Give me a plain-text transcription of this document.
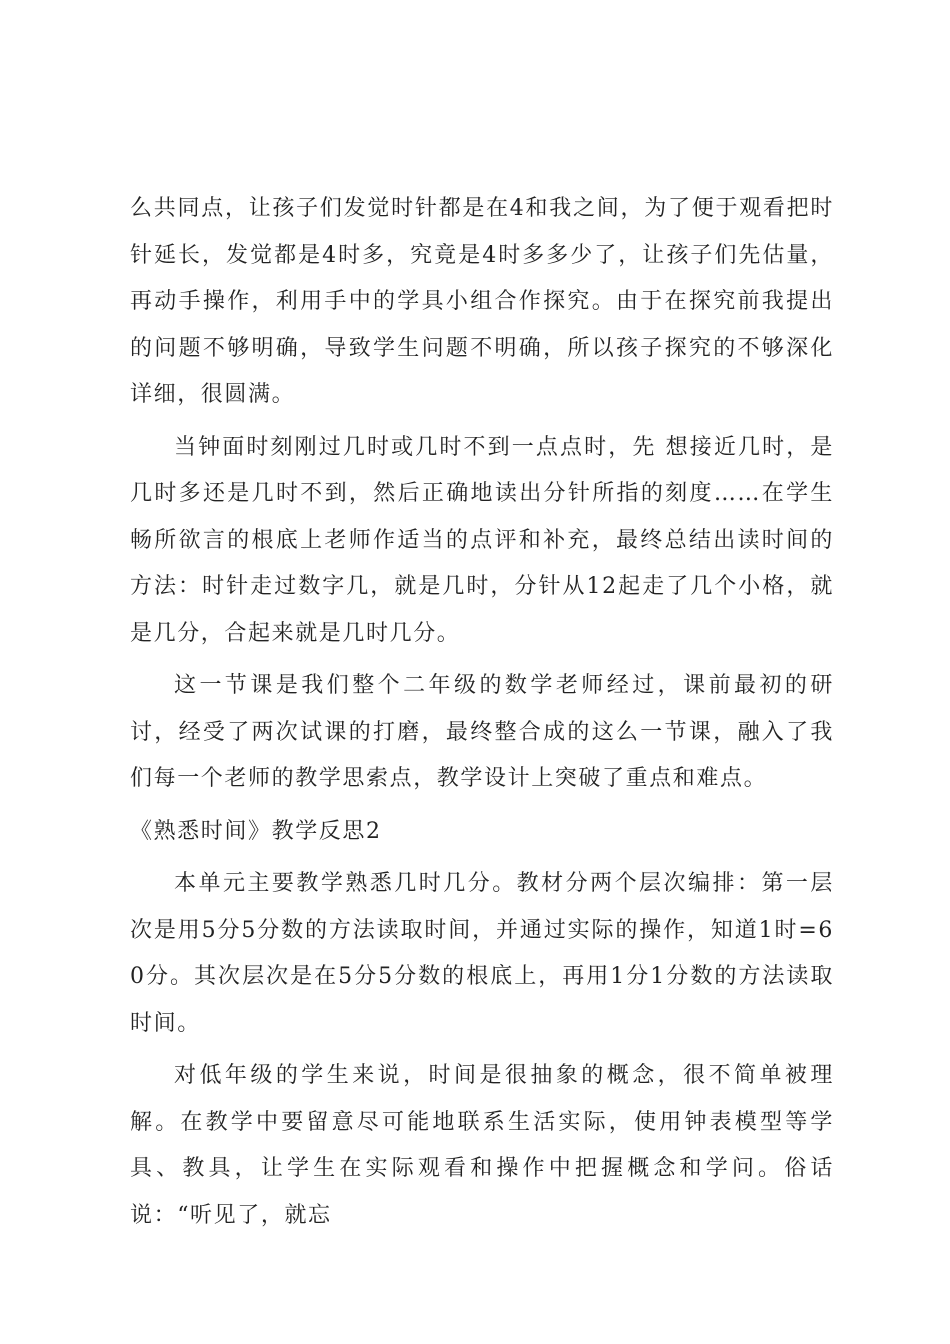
么共同点，让孩子们发觉时针都是在4和我之间，为了便于观看把时针延长，发觉都是4时多，究竟是4时多多少了，让孩子们先估量，再动手操作，利用手中的学具小组合作探究。由于在探究前我提出的问题不够明确，导致学生问题不明确，所以孩子探究的不够深化详细，很圆满。

当钟面时刻刚过几时或几时不到一点点时，先 想接近几时，是几时多还是几时不到，然后正确地读出分针所指的刻度……在学生畅所欲言的根底上老师作适当的点评和补充，最终总结出读时间的方法：时针走过数字几，就是几时，分针从12起走了几个小格，就是几分，合起来就是几时几分。

这一节课是我们整个二年级的数学老师经过，课前最初的研讨，经受了两次试课的打磨，最终整合成的这么一节课，融入了我们每一个老师的教学思索点，教学设计上突破了重点和难点。

《熟悉时间》教学反思2

本单元主要教学熟悉几时几分。教材分两个层次编排：第一层次是用5分5分数的方法读取时间，并通过实际的操作，知道1时=60分。其次层次是在5分5分数的根底上，再用1分1分数的方法读取时间。

对低年级的学生来说，时间是很抽象的概念，很不简单被理解。在教学中要留意尽可能地联系生活实际，使用钟表模型等学具、教具，让学生在实际观看和操作中把握概念和学问。俗话说：“听见了，就忘
